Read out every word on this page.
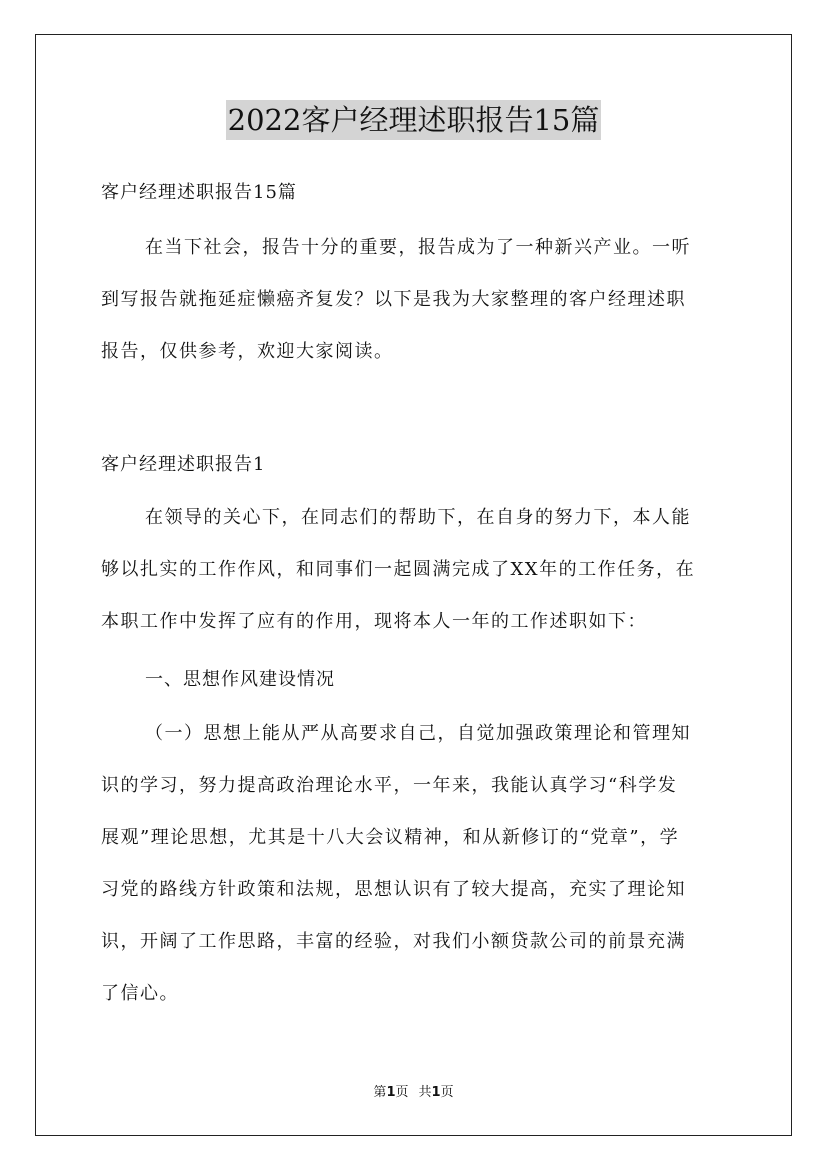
2022客户经理述职报告15篇
客户经理述职报告15篇
在当下社会，报告十分的重要，报告成为了一种新兴产业。一听
到写报告就拖延症懒癌齐复发？以下是我为大家整理的客户经理述职
报告，仅供参考，欢迎大家阅读。
客户经理述职报告1
在领导的关心下，在同志们的帮助下，在自身的努力下，本人能
够以扎实的工作作风，和同事们一起圆满完成了XX年的工作任务，在
本职工作中发挥了应有的作用，现将本人一年的工作述职如下：
一、思想作风建设情况
（一）思想上能从严从高要求自己，自觉加强政策理论和管理知
识的学习，努力提高政治理论水平，一年来，我能认真学习“科学发
展观”理论思想，尤其是十八大会议精神，和从新修订的“党章”，学
习党的路线方针政策和法规，思想认识有了较大提高，充实了理论知
识，开阔了工作思路，丰富的经验，对我们小额贷款公司的前景充满
了信心。
第1页 共1页
